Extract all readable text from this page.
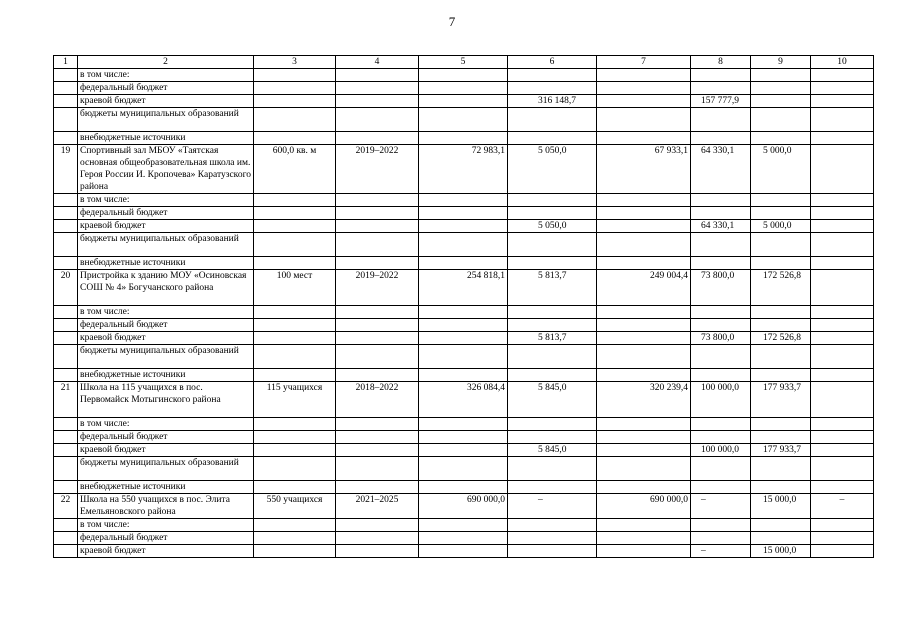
7
1	2	3	4	5	6	7	8	9	10
	в том числе:								
	федеральный бюджет								
	краевой бюджет				316 148,7		157 777,9		
	бюджеты муниципальных образований								
	внебюджетные источники								
19	Спортивный зал МБОУ «Таятская основная общеобразовательная школа им. Героя России И. Кропочева» Каратузского района	600,0 кв. м	2019–2022	72 983,1	5 050,0	67 933,1	64 330,1	5 000,0	
	в том числе:								
	федеральный бюджет								
	краевой бюджет				5 050,0		64 330,1	5 000,0	
	бюджеты муниципальных образований								
	внебюджетные источники								
20	Пристройка к зданию МОУ «Осиновская СОШ № 4» Богучанского района	100 мест	2019–2022	254 818,1	5 813,7	249 004,4	73 800,0	172 526,8	
	в том числе:								
	федеральный бюджет								
	краевой бюджет				5 813,7		73 800,0	172 526,8	
	бюджеты муниципальных образований								
	внебюджетные источники								
21	Школа на 115 учащихся в пос. Первомайск Мотыгинского района	115 учащихся	2018–2022	326 084,4	5 845,0	320 239,4	100 000,0	177 933,7	
	в том числе:								
	федеральный бюджет								
	краевой бюджет				5 845,0		100 000,0	177 933,7	
	бюджеты муниципальных образований								
	внебюджетные источники								
22	Школа на 550 учащихся в пос. Элита Емельяновского района	550 учащихся	2021–2025	690 000,0	–	690 000,0	–	15 000,0	–
	в том числе:								
	федеральный бюджет								
	краевой бюджет						–	15 000,0	
